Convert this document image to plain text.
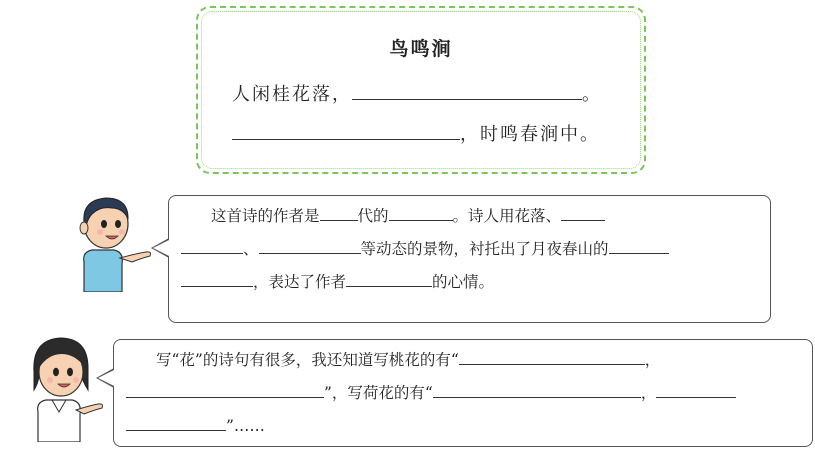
鸟鸣涧
人闲桂花落，	。
，时鸣春涧中。
这首诗的作者是 代的	。诗人用花落、
、	等动态的景物，衬托出了月夜春山的
，表达了作者	的心情。
写“花”的诗句有很多，我还知道写桃花的有“	，
”，写荷花的有“	，
”……
